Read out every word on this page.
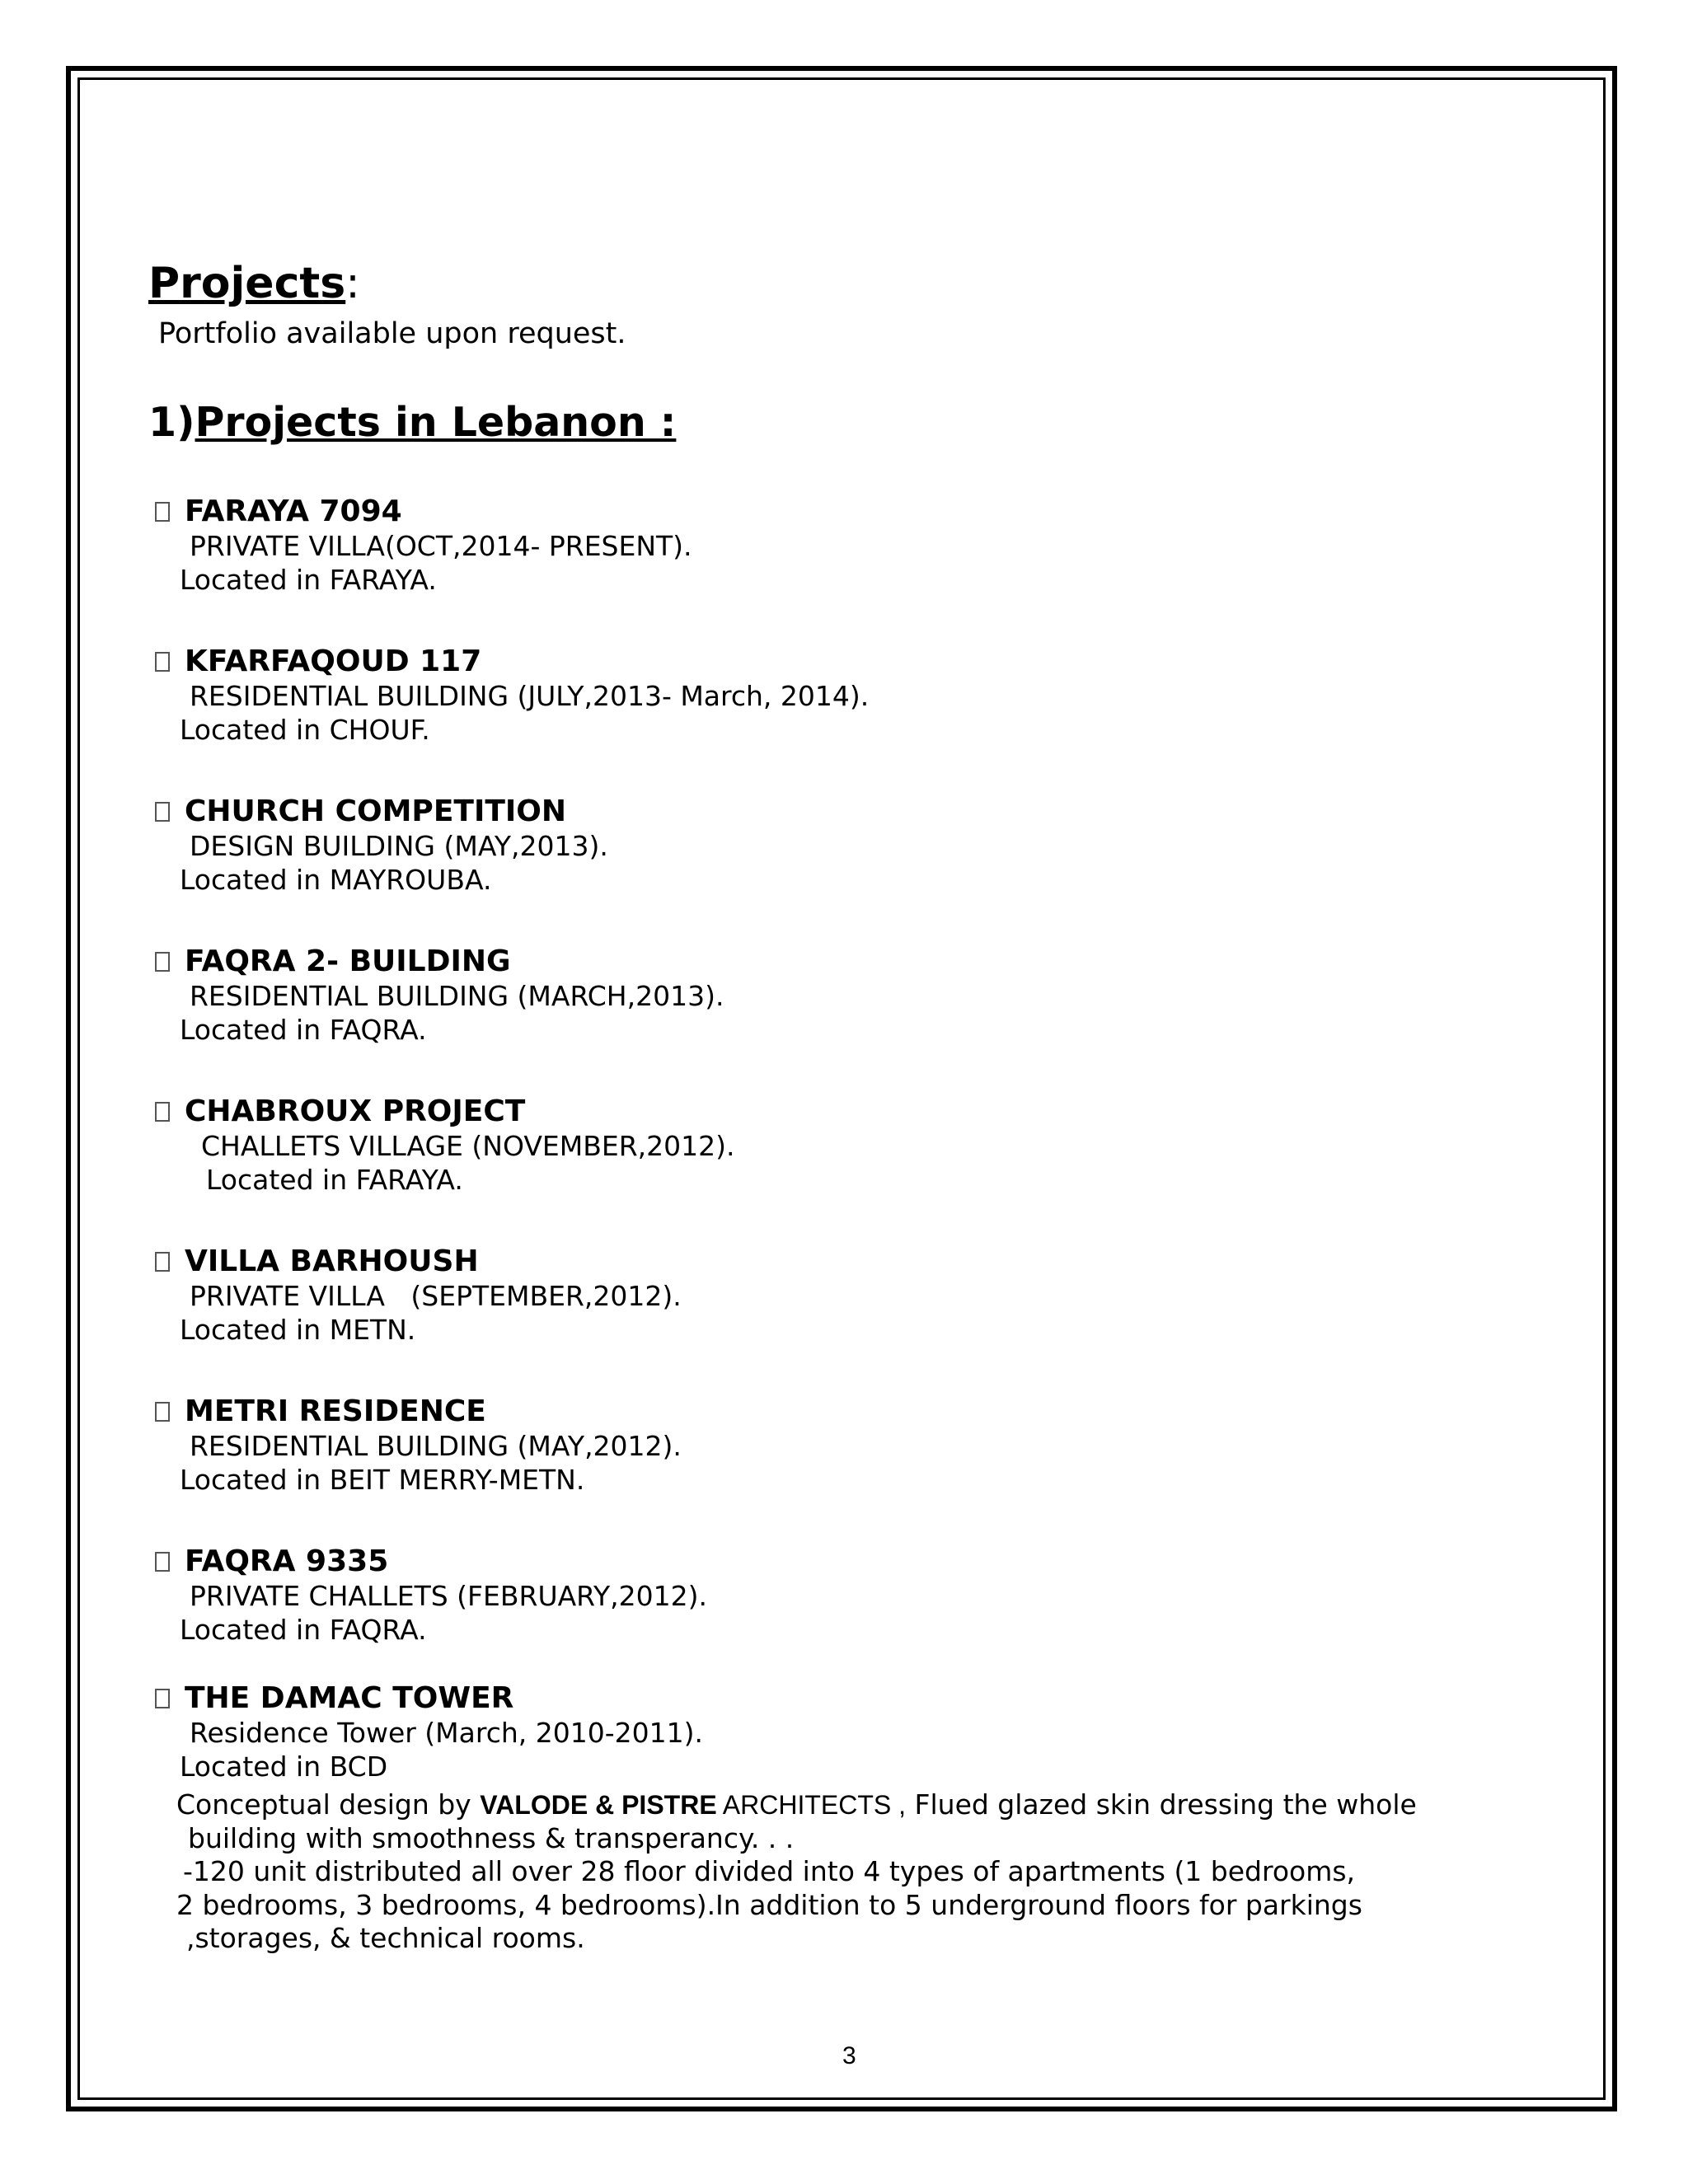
Projects:
Portfolio available upon request.
1)Projects in Lebanon :
FARAYA 7094
PRIVATE VILLA(OCT,2014- PRESENT).
Located in FARAYA.
KFARFAQOUD 117
RESIDENTIAL BUILDING (JULY,2013- March, 2014).
Located in CHOUF.
CHURCH COMPETITION
DESIGN BUILDING (MAY,2013).
Located in MAYROUBA.
FAQRA 2- BUILDING
RESIDENTIAL BUILDING (MARCH,2013).
Located in FAQRA.
CHABROUX PROJECT
CHALLETS VILLAGE (NOVEMBER,2012).
Located in FARAYA.
VILLA BARHOUSH
PRIVATE VILLA   (SEPTEMBER,2012).
Located in METN.
METRI RESIDENCE
RESIDENTIAL BUILDING (MAY,2012).
Located in BEIT MERRY-METN.
FAQRA 9335
PRIVATE CHALLETS (FEBRUARY,2012).
Located in FAQRA.
THE DAMAC TOWER
Residence Tower (March, 2010-2011).
Located in BCD
Conceptual design by VALODE & PISTRE ARCHITECTS , Flued glazed skin dressing the whole
building with smoothness & transperancy. . .
-120 unit distributed all over 28 floor divided into 4 types of apartments (1 bedrooms,
2 bedrooms, 3 bedrooms, 4 bedrooms).In addition to 5 underground floors for parkings
,storages, & technical rooms.
3
